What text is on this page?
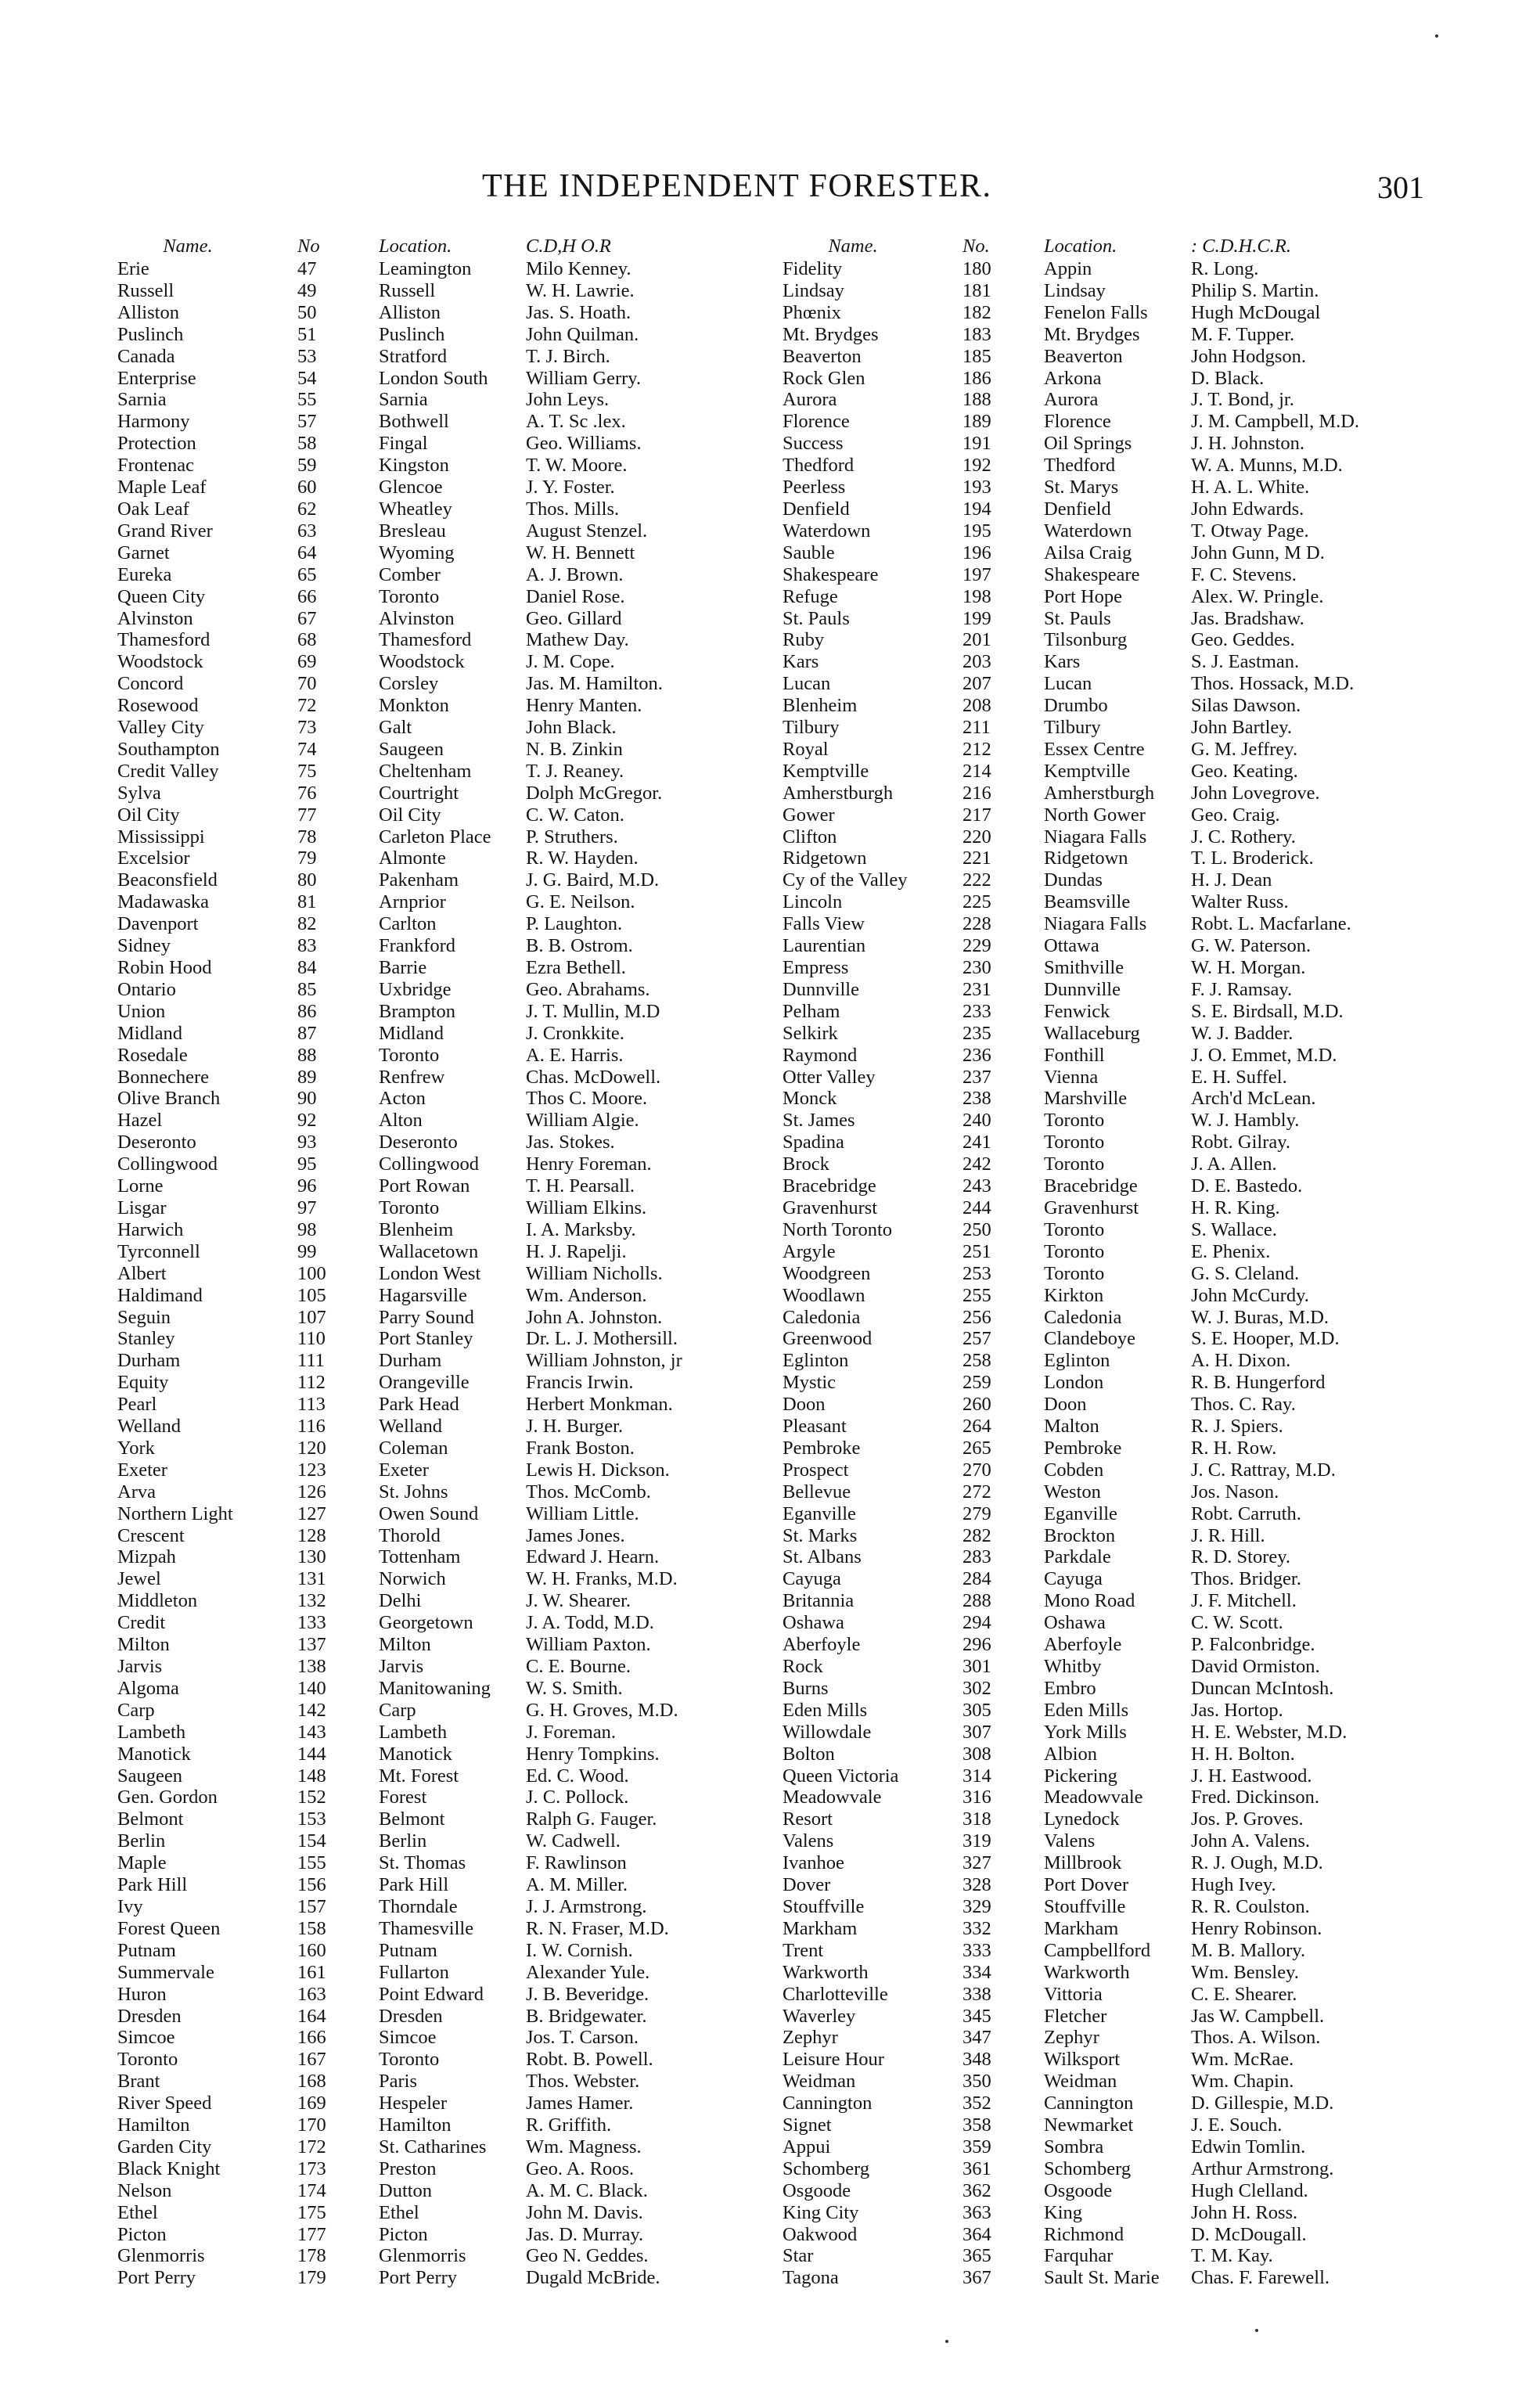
THE INDEPENDENT FORESTER.	301
Name.	No	Location.	C.D,H O.R
Erie	47	Leamington	Milo Kenney.
Russell	49	Russell	W. H. Lawrie.
Alliston	50	Alliston	Jas. S. Hoath.
Puslinch	51	Puslinch	John Quilman.
Canada	53	Stratford	T. J. Birch.
Enterprise	54	London South	William Gerry.
Sarnia	55	Sarnia	John Leys.
Harmony	57	Bothwell	A. T. Sc .lex.
Protection	58	Fingal	Geo. Williams.
Frontenac	59	Kingston	T. W. Moore.
Maple Leaf	60	Glencoe	J. Y. Foster.
Oak Leaf	62	Wheatley	Thos. Mills.
Grand River	63	Bresleau	August Stenzel.
Garnet	64	Wyoming	W. H. Bennett
Eureka	65	Comber	A. J. Brown.
Queen City	66	Toronto	Daniel Rose.
Alvinston	67	Alvinston	Geo. Gillard
Thamesford	68	Thamesford	Mathew Day.
Woodstock	69	Woodstock	J. M. Cope.
Concord	70	Corsley	Jas. M. Hamilton.
Rosewood	72	Monkton	Henry Manten.
Valley City	73	Galt	John Black.
Southampton	74	Saugeen	N. B. Zinkin
Credit Valley	75	Cheltenham	T. J. Reaney.
Sylva	76	Courtright	Dolph McGregor.
Oil City	77	Oil City	C. W. Caton.
Mississippi	78	Carleton Place	P. Struthers.
Excelsior	79	Almonte	R. W. Hayden.
Beaconsfield	80	Pakenham	J. G. Baird, M.D.
Madawaska	81	Arnprior	G. E. Neilson.
Davenport	82	Carlton	P. Laughton.
Sidney	83	Frankford	B. B. Ostrom.
Robin Hood	84	Barrie	Ezra Bethell.
Ontario	85	Uxbridge	Geo. Abrahams.
Union	86	Brampton	J. T. Mullin, M.D
Midland	87	Midland	J. Cronkkite.
Rosedale	88	Toronto	A. E. Harris.
Bonnechere	89	Renfrew	Chas. McDowell.
Olive Branch	90	Acton	Thos C. Moore.
Hazel	92	Alton	William Algie.
Deseronto	93	Deseronto	Jas. Stokes.
Collingwood	95	Collingwood	Henry Foreman.
Lorne	96	Port Rowan	T. H. Pearsall.
Lisgar	97	Toronto	William Elkins.
Harwich	98	Blenheim	I. A. Marksby.
Tyrconnell	99	Wallacetown	H. J. Rapelji.
Albert	100	London West	William Nicholls.
Haldimand	105	Hagarsville	Wm. Anderson.
Seguin	107	Parry Sound	John A. Johnston.
Stanley	110	Port Stanley	Dr. L. J. Mothersill.
Durham	111	Durham	William Johnston, jr
Equity	112	Orangeville	Francis Irwin.
Pearl	113	Park Head	Herbert Monkman.
Welland	116	Welland	J. H. Burger.
York	120	Coleman	Frank Boston.
Exeter	123	Exeter	Lewis H. Dickson.
Arva	126	St. Johns	Thos. McComb.
Northern Light	127	Owen Sound	William Little.
Crescent	128	Thorold	James Jones.
Mizpah	130	Tottenham	Edward J. Hearn.
Jewel	131	Norwich	W. H. Franks, M.D.
Middleton	132	Delhi	J. W. Shearer.
Credit	133	Georgetown	J. A. Todd, M.D.
Milton	137	Milton	William Paxton.
Jarvis	138	Jarvis	C. E. Bourne.
Algoma	140	Manitowaning	W. S. Smith.
Carp	142	Carp	G. H. Groves, M.D.
Lambeth	143	Lambeth	J. Foreman.
Manotick	144	Manotick	Henry Tompkins.
Saugeen	148	Mt. Forest	Ed. C. Wood.
Gen. Gordon	152	Forest	J. C. Pollock.
Belmont	153	Belmont	Ralph G. Fauger.
Berlin	154	Berlin	W. Cadwell.
Maple	155	St. Thomas	F. Rawlinson
Park Hill	156	Park Hill	A. M. Miller.
Ivy	157	Thorndale	J. J. Armstrong.
Forest Queen	158	Thamesville	R. N. Fraser, M.D.
Putnam	160	Putnam	I. W. Cornish.
Summervale	161	Fullarton	Alexander Yule.
Huron	163	Point Edward	J. B. Beveridge.
Dresden	164	Dresden	B. Bridgewater.
Simcoe	166	Simcoe	Jos. T. Carson.
Toronto	167	Toronto	Robt. B. Powell.
Brant	168	Paris	Thos. Webster.
River Speed	169	Hespeler	James Hamer.
Hamilton	170	Hamilton	R. Griffith.
Garden City	172	St. Catharines	Wm. Magness.
Black Knight	173	Preston	Geo. A. Roos.
Nelson	174	Dutton	A. M. C. Black.
Ethel	175	Ethel	John M. Davis.
Picton	177	Picton	Jas. D. Murray.
Glenmorris	178	Glenmorris	Geo N. Geddes.
Port Perry	179	Port Perry	Dugald McBride.
Name.	No.	Location.	: C.D.H.C.R.
Fidelity	180	Appin	R. Long.
Lindsay	181	Lindsay	Philip S. Martin.
Phœnix	182	Fenelon Falls	Hugh McDougal
Mt. Brydges	183	Mt. Brydges	M. F. Tupper.
Beaverton	185	Beaverton	John Hodgson.
Rock Glen	186	Arkona	D. Black.
Aurora	188	Aurora	J. T. Bond, jr.
Florence	189	Florence	J. M. Campbell, M.D.
Success	191	Oil Springs	J. H. Johnston.
Thedford	192	Thedford	W. A. Munns, M.D.
Peerless	193	St. Marys	H. A. L. White.
Denfield	194	Denfield	John Edwards.
Waterdown	195	Waterdown	T. Otway Page.
Sauble	196	Ailsa Craig	John Gunn, M D.
Shakespeare	197	Shakespeare	F. C. Stevens.
Refuge	198	Port Hope	Alex. W. Pringle.
St. Pauls	199	St. Pauls	Jas. Bradshaw.
Ruby	201	Tilsonburg	Geo. Geddes.
Kars	203	Kars	S. J. Eastman.
Lucan	207	Lucan	Thos. Hossack, M.D.
Blenheim	208	Drumbo	Silas Dawson.
Tilbury	211	Tilbury	John Bartley.
Royal	212	Essex Centre	G. M. Jeffrey.
Kemptville	214	Kemptville	Geo. Keating.
Amherstburgh	216	Amherstburgh	John Lovegrove.
Gower	217	North Gower	Geo. Craig.
Clifton	220	Niagara Falls	J. C. Rothery.
Ridgetown	221	Ridgetown	T. L. Broderick.
Cy of the Valley	222	Dundas	H. J. Dean
Lincoln	225	Beamsville	Walter Russ.
Falls View	228	Niagara Falls	Robt. L. Macfarlane.
Laurentian	229	Ottawa	G. W. Paterson.
Empress	230	Smithville	W. H. Morgan.
Dunnville	231	Dunnville	F. J. Ramsay.
Pelham	233	Fenwick	S. E. Birdsall, M.D.
Selkirk	235	Wallaceburg	W. J. Badder.
Raymond	236	Fonthill	J. O. Emmet, M.D.
Otter Valley	237	Vienna	E. H. Suffel.
Monck	238	Marshville	Arch'd McLean.
St. James	240	Toronto	W. J. Hambly.
Spadina	241	Toronto	Robt. Gilray.
Brock	242	Toronto	J. A. Allen.
Bracebridge	243	Bracebridge	D. E. Bastedo.
Gravenhurst	244	Gravenhurst	H. R. King.
North Toronto	250	Toronto	S. Wallace.
Argyle	251	Toronto	E. Phenix.
Woodgreen	253	Toronto	G. S. Cleland.
Woodlawn	255	Kirkton	John McCurdy.
Caledonia	256	Caledonia	W. J. Buras, M.D.
Greenwood	257	Clandeboye	S. E. Hooper, M.D.
Eglinton	258	Eglinton	A. H. Dixon.
Mystic	259	London	R. B. Hungerford
Doon	260	Doon	Thos. C. Ray.
Pleasant	264	Malton	R. J. Spiers.
Pembroke	265	Pembroke	R. H. Row.
Prospect	270	Cobden	J. C. Rattray, M.D.
Bellevue	272	Weston	Jos. Nason.
Eganville	279	Eganville	Robt. Carruth.
St. Marks	282	Brockton	J. R. Hill.
St. Albans	283	Parkdale	R. D. Storey.
Cayuga	284	Cayuga	Thos. Bridger.
Britannia	288	Mono Road	J. F. Mitchell.
Oshawa	294	Oshawa	C. W. Scott.
Aberfoyle	296	Aberfoyle	P. Falconbridge.
Rock	301	Whitby	David Ormiston.
Burns	302	Embro	Duncan McIntosh.
Eden Mills	305	Eden Mills	Jas. Hortop.
Willowdale	307	York Mills	H. E. Webster, M.D.
Bolton	308	Albion	H. H. Bolton.
Queen Victoria	314	Pickering	J. H. Eastwood.
Meadowvale	316	Meadowvale	Fred. Dickinson.
Resort	318	Lynedock	Jos. P. Groves.
Valens	319	Valens	John A. Valens.
Ivanhoe	327	Millbrook	R. J. Ough, M.D.
Dover	328	Port Dover	Hugh Ivey.
Stouffville	329	Stouffville	R. R. Coulston.
Markham	332	Markham	Henry Robinson.
Trent	333	Campbellford	M. B. Mallory.
Warkworth	334	Warkworth	Wm. Bensley.
Charlotteville	338	Vittoria	C. E. Shearer.
Waverley	345	Fletcher	Jas W. Campbell.
Zephyr	347	Zephyr	Thos. A. Wilson.
Leisure Hour	348	Wilksport	Wm. McRae.
Weidman	350	Weidman	Wm. Chapin.
Cannington	352	Cannington	D. Gillespie, M.D.
Signet	358	Newmarket	J. E. Souch.
Appui	359	Sombra	Edwin Tomlin.
Schomberg	361	Schomberg	Arthur Armstrong.
Osgoode	362	Osgoode	Hugh Clelland.
King City	363	King	John H. Ross.
Oakwood	364	Richmond	D. McDougall.
Star	365	Farquhar	T. M. Kay.
Tagona	367	Sault St. Marie	Chas. F. Farewell.
